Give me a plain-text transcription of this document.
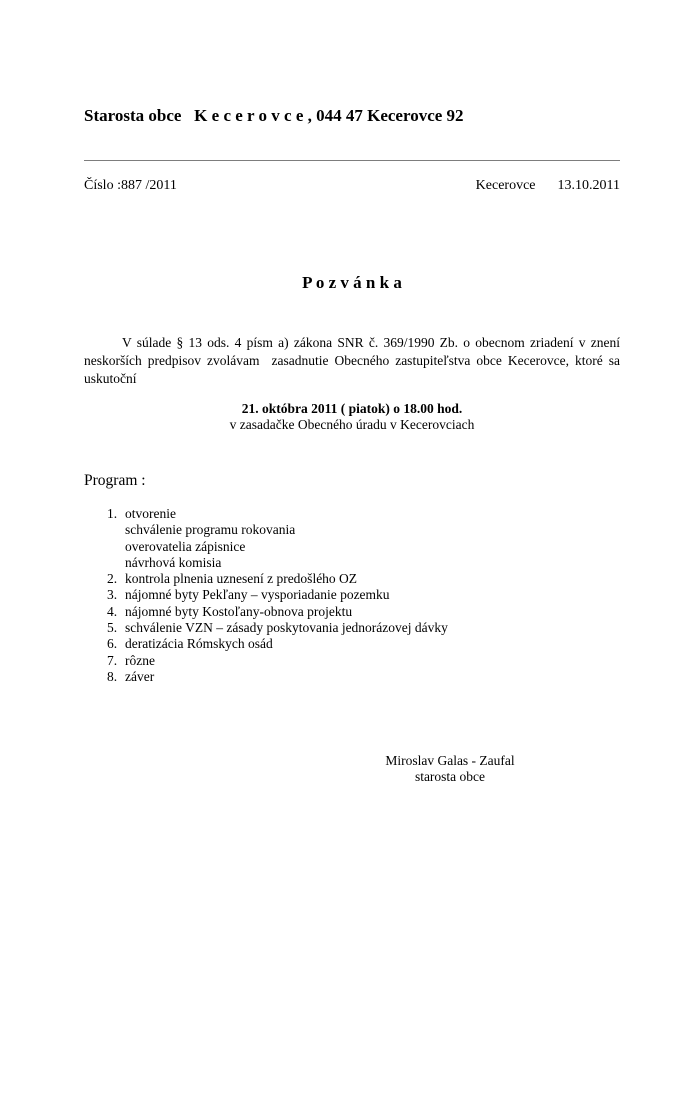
Starosta obce   K e c e r o v c e , 044 47 Kecerovce 92
Číslo :887 /2011	Kecerovce 13.10.2011
P o z v á n k a

V súlade § 13 ods. 4 písm a) zákona SNR č. 369/1990 Zb. o obecnom zriadení v znení neskorších predpisov zvolávam  zasadnutie Obecného zastupiteľstva obce Kecerovce, ktoré sa uskutoční

21. októbra 2011 ( piatok) o 18.00 hod.
v zasadačke Obecného úradu v Kecerovciach
Program :
1. otvorenie
schválenie programu rokovania
overovatelia zápisnice
návrhová komisia
2. kontrola plnenia uznesení z predošlého OZ
3. nájomné byty Pekľany – vysporiadanie pozemku
4. nájomné byty Kostoľany-obnova projektu
5. schválenie VZN – zásady poskytovania jednorázovej dávky
6. deratizácia Rómskych osád
7. rôzne
8. záver
Miroslav Galas - Zaufal
starosta obce
